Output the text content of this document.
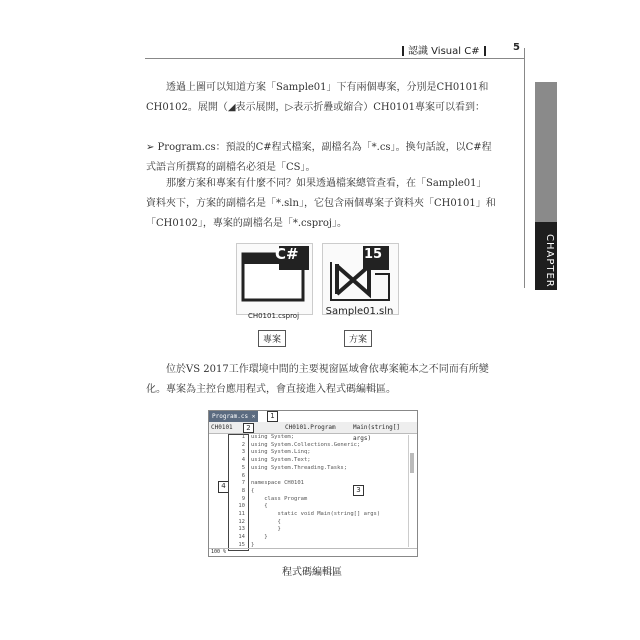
認識 Visual C#	5
CHAPTER
1
透過上圖可以知道方案「Sample01」下有兩個專案，分別是CH0101和CH0102。展開（◢表示展開，▷表示折疊或縮合）CH0101專案可以看到：
➢ Program.cs：預設的C#程式檔案，副檔名為「*.cs」。換句話說，以C#程式語言所撰寫的副檔名必須是「CS」。
那麼方案和專案有什麼不同？如果透過檔案總管查看，在「Sample01」資料夾下，方案的副檔名是「*.sln」，它包含兩個專案子資料夾「CH0101」和「CH0102」，專案的副檔名是「*.csproj」。
C#
CH0101.csproj
專案
15
Sample01.sln
方案
位於VS 2017工作環境中間的主要視窗區域會依專案範本之不同而有所變化。專案為主控台應用程式，會直接進入程式碼編輯區。
Program.cs ✕	1
CH0101	2	CH0101.Program	Main(string[] args)
4
1
2
3
4
5
6
7
8
9
10
11
12
13
14
15
using System;
using System.Collections.Generic;
using System.Linq;
using System.Text;
using System.Threading.Tasks;

namespace CH0101
{
class Program
{
static void Main(string[] args)
{
}
}
}
3
100 %
程式碼編輯區
